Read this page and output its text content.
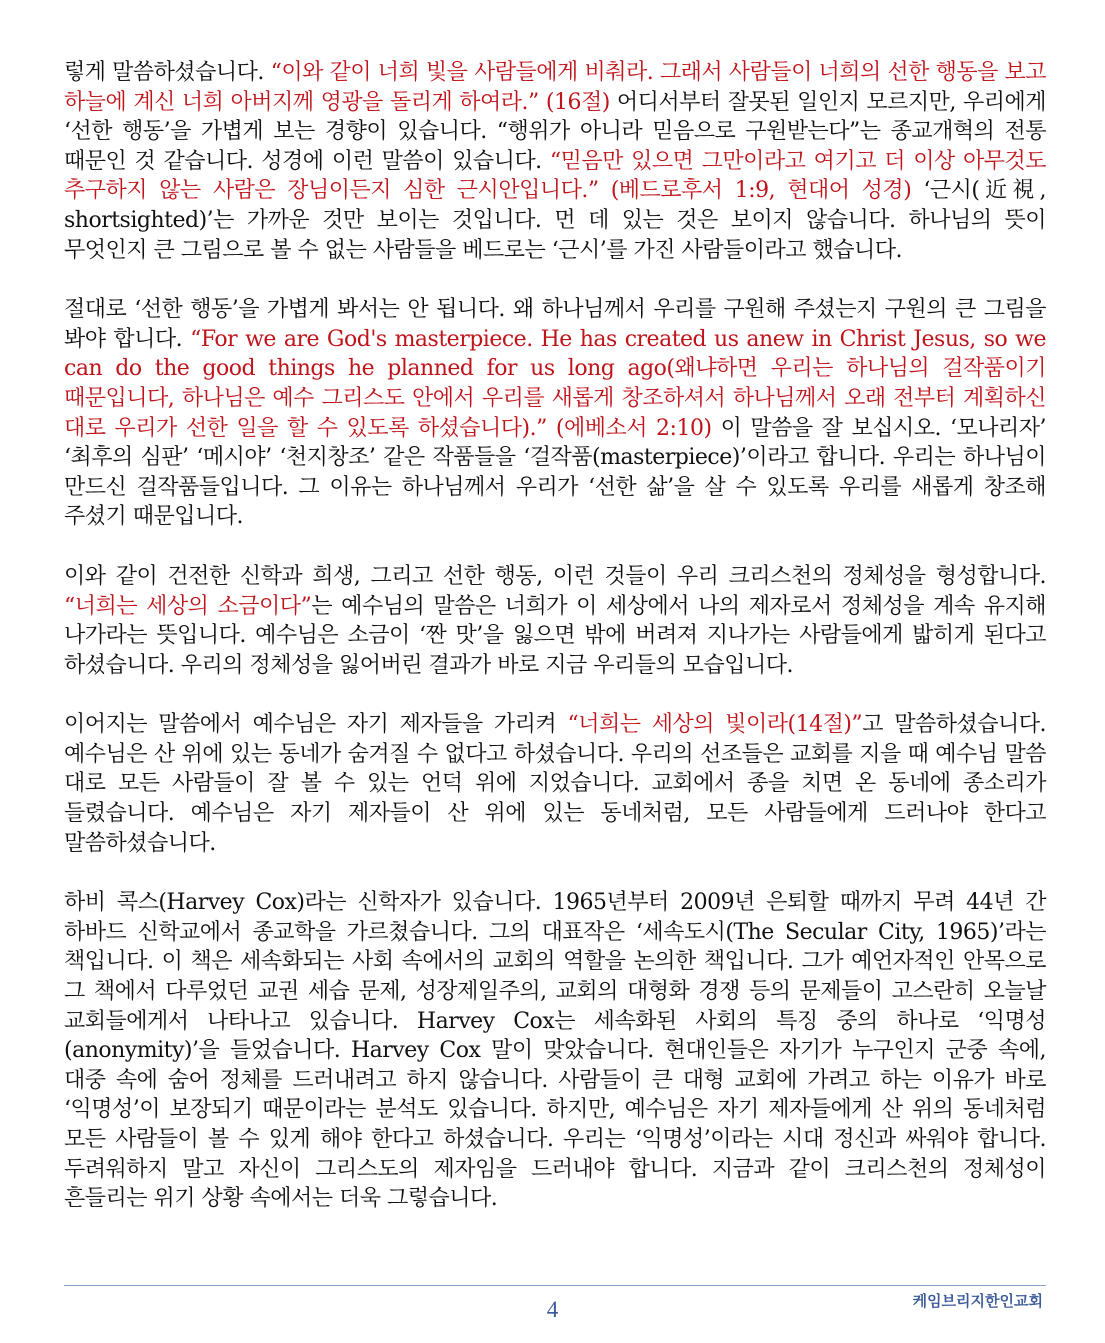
렇게 말씀하셨습니다. “이와 같이 너희 빛을 사람들에게 비춰라. 그래서 사람들이 너희의 선한 행동을 보고 하늘에 계신 너희 아버지께 영광을 돌리게 하여라.” (16절) 어디서부터 잘못된 일인지 모르지만, 우리에게 ‘선한 행동’을 가볍게 보는 경향이 있습니다. “행위가 아니라 믿음으로 구원받는다”는 종교개혁의 전통 때문인 것 같습니다. 성경에 이런 말씀이 있습니다. “믿음만 있으면 그만이라고 여기고 더 이상 아무것도 추구하지 않는 사람은 장님이든지 심한 근시안입니다.” (베드로후서 1:9, 현대어 성경) ‘근시(近視, shortsighted)’는 가까운 것만 보이는 것입니다. 먼 데 있는 것은 보이지 않습니다. 하나님의 뜻이 무엇인지 큰 그림으로 볼 수 없는 사람들을 베드로는 ‘근시’를 가진 사람들이라고 했습니다.

절대로 ‘선한 행동’을 가볍게 봐서는 안 됩니다. 왜 하나님께서 우리를 구원해 주셨는지 구원의 큰 그림을 봐야 합니다. “For we are God's masterpiece. He has created us anew in Christ Jesus, so we can do the good things he planned for us long ago(왜냐하면 우리는 하나님의 걸작품이기 때문입니다, 하나님은 예수 그리스도 안에서 우리를 새롭게 창조하셔서 하나님께서 오래 전부터 계획하신 대로 우리가 선한 일을 할 수 있도록 하셨습니다).” (에베소서 2:10) 이 말씀을 잘 보십시오. ‘모나리자’ ‘최후의 심판’ ‘메시야’ ‘천지창조’ 같은 작품들을 ‘걸작품(masterpiece)’이라고 합니다. 우리는 하나님이 만드신 걸작품들입니다. 그 이유는 하나님께서 우리가 ‘선한 삶’을 살 수 있도록 우리를 새롭게 창조해 주셨기 때문입니다.

이와 같이 건전한 신학과 희생, 그리고 선한 행동, 이런 것들이 우리 크리스천의 정체성을 형성합니다. “너희는 세상의 소금이다”는 예수님의 말씀은 너희가 이 세상에서 나의 제자로서 정체성을 계속 유지해 나가라는 뜻입니다. 예수님은 소금이 ‘짠 맛’을 잃으면 밖에 버려져 지나가는 사람들에게 밟히게 된다고 하셨습니다. 우리의 정체성을 잃어버린 결과가 바로 지금 우리들의 모습입니다.

이어지는 말씀에서 예수님은 자기 제자들을 가리켜 “너희는 세상의 빛이라(14절)”고 말씀하셨습니다. 예수님은 산 위에 있는 동네가 숨겨질 수 없다고 하셨습니다. 우리의 선조들은 교회를 지을 때 예수님 말씀 대로 모든 사람들이 잘 볼 수 있는 언덕 위에 지었습니다. 교회에서 종을 치면 온 동네에 종소리가 들렸습니다. 예수님은 자기 제자들이 산 위에 있는 동네처럼, 모든 사람들에게 드러나야 한다고 말씀하셨습니다.

하비 콕스(Harvey Cox)라는 신학자가 있습니다. 1965년부터 2009년 은퇴할 때까지 무려 44년 간 하바드 신학교에서 종교학을 가르쳤습니다. 그의 대표작은 ‘세속도시(The Secular City, 1965)’라는 책입니다. 이 책은 세속화되는 사회 속에서의 교회의 역할을 논의한 책입니다. 그가 예언자적인 안목으로 그 책에서 다루었던 교권 세습 문제, 성장제일주의, 교회의 대형화 경쟁 등의 문제들이 고스란히 오늘날 교회들에게서 나타나고 있습니다. Harvey Cox는 세속화된 사회의 특징 중의 하나로 ‘익명성(anonymity)’을 들었습니다. Harvey Cox 말이 맞았습니다. 현대인들은 자기가 누구인지 군중 속에, 대중 속에 숨어 정체를 드러내려고 하지 않습니다. 사람들이 큰 대형 교회에 가려고 하는 이유가 바로 ‘익명성’이 보장되기 때문이라는 분석도 있습니다. 하지만, 예수님은 자기 제자들에게 산 위의 동네처럼 모든 사람들이 볼 수 있게 해야 한다고 하셨습니다. 우리는 ‘익명성’이라는 시대 정신과 싸워야 합니다. 두려워하지 말고 자신이 그리스도의 제자임을 드러내야 합니다. 지금과 같이 크리스천의 정체성이 흔들리는 위기 상황 속에서는 더욱 그렇습니다.

케임브리지한인교회
4
